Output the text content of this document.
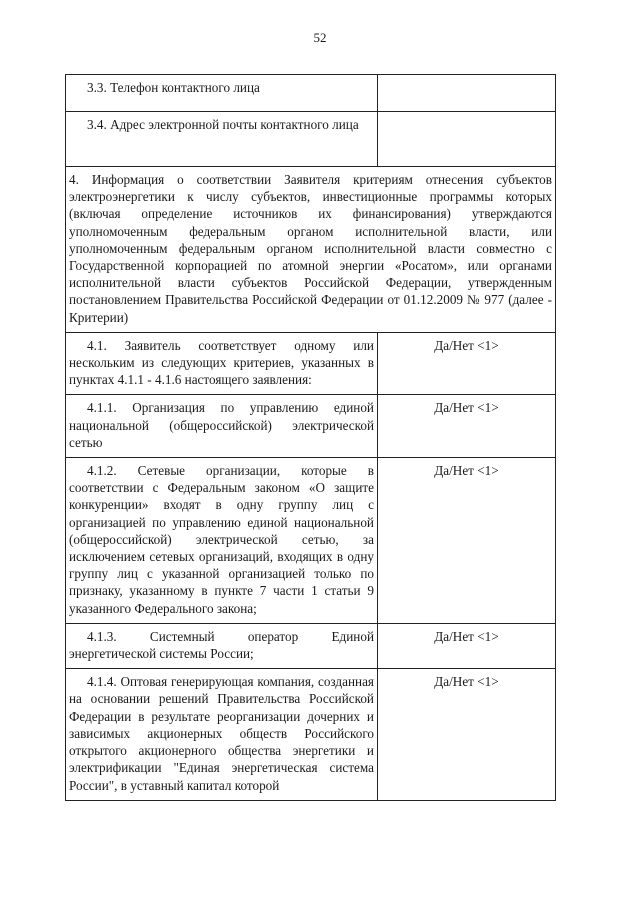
52
3.3. Телефон контактного лица	
3.4. Адрес электронной почты контактного лица	
4. Информация о соответствии Заявителя критериям отнесения субъектов электроэнергетики к числу субъектов, инвестиционные программы которых (включая определение источников их финансирования) утверждаются уполномоченным федеральным органом исполнительной власти, или уполномоченным федеральным органом исполнительной власти совместно с Государственной корпорацией по атомной энергии «Росатом», или органами исполнительной власти субъектов Российской Федерации, утвержденным постановлением Правительства Российской Федерации от 01.12.2009 № 977 (далее - Критерии)	
4.1. Заявитель соответствует одному или нескольким из следующих критериев, указанных в пунктах 4.1.1 - 4.1.6 настоящего заявления:	Да/Нет <1>
4.1.1. Организация по управлению единой национальной (общероссийской) электрической сетью	Да/Нет <1>
4.1.2. Сетевые организации, которые в соответствии с Федеральным законом «О защите конкуренции» входят в одну группу лиц с организацией по управлению единой национальной (общероссийской) электрической сетью, за исключением сетевых организаций, входящих в одну группу лиц с указанной организацией только по признаку, указанному в пункте 7 части 1 статьи 9 указанного Федерального закона;	Да/Нет <1>
4.1.3. Системный оператор Единой энергетической системы России;	Да/Нет <1>
4.1.4. Оптовая генерирующая компания, созданная на основании решений Правительства Российской Федерации в результате реорганизации дочерних и зависимых акционерных обществ Российского открытого акционерного общества энергетики и электрификации "Единая энергетическая система России", в уставный капитал которой	Да/Нет <1>
